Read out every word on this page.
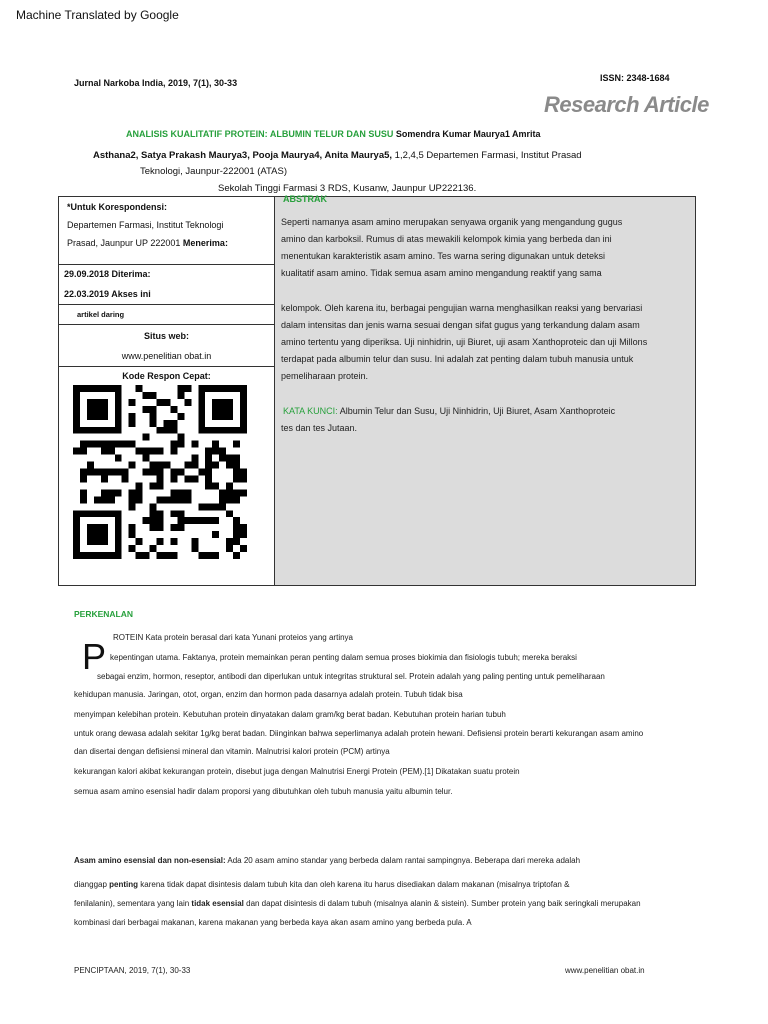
Machine Translated by Google
Jurnal Narkoba India, 2019, 7(1), 30-33	ISSN: 2348-1684
Research Article
ANALISIS KUALITATIF PROTEIN: ALBUMIN TELUR DAN SUSU Somendra Kumar Maurya1 Amrita
Asthana2, Satya Prakash Maurya3, Pooja Maurya4, Anita Maurya5, 1,2,4,5 Departemen Farmasi, Institut Prasad
Teknologi, Jaunpur-222001 (ATAS)
Sekolah Tinggi Farmasi 3 RDS, Kusanw, Jaunpur UP222136.
*Untuk Korespondensi:
Departemen Farmasi, Institut Teknologi
Prasad, Jaunpur UP 222001 Menerima:
29.09.2018 Diterima:
22.03.2019 Akses ini
artikel daring
Situs web:
www.penelitian obat.in
Kode Respon Cepat:
ABSTRAK
Seperti namanya asam amino merupakan senyawa organik yang mengandung gugus
amino dan karboksil. Rumus di atas mewakili kelompok kimia yang berbeda dan ini
menentukan karakteristik asam amino. Tes warna sering digunakan untuk deteksi
kualitatif asam amino. Tidak semua asam amino mengandung reaktif yang sama
kelompok. Oleh karena itu, berbagai pengujian warna menghasilkan reaksi yang bervariasi
dalam intensitas dan jenis warna sesuai dengan sifat gugus yang terkandung dalam asam
amino tertentu yang diperiksa. Uji ninhidrin, uji Biuret, uji asam Xanthoproteic dan uji Millons
terdapat pada albumin telur dan susu. Ini adalah zat penting dalam tubuh manusia untuk
pemeliharaan protein.
KATA KUNCI: Albumin Telur dan Susu, Uji Ninhidrin, Uji Biuret, Asam Xanthoproteic
tes dan tes Jutaan.
PERKENALAN
P ROTEIN Kata protein berasal dari kata Yunani proteios yang artinya
kepentingan utama. Faktanya, protein memainkan peran penting dalam semua proses biokimia dan fisiologis tubuh; mereka beraksi
sebagai enzim, hormon, reseptor, antibodi dan diperlukan untuk integritas struktural sel. Protein adalah yang paling penting untuk pemeliharaan
kehidupan manusia. Jaringan, otot, organ, enzim dan hormon pada dasarnya adalah protein. Tubuh tidak bisa
menyimpan kelebihan protein. Kebutuhan protein dinyatakan dalam gram/kg berat badan. Kebutuhan protein harian tubuh
untuk orang dewasa adalah sekitar 1g/kg berat badan. Diinginkan bahwa seperlimanya adalah protein hewani. Defisiensi protein berarti kekurangan asam amino
dan disertai dengan defisiensi mineral dan vitamin. Malnutrisi kalori protein (PCM) artinya
kekurangan kalori akibat kekurangan protein, disebut juga dengan Malnutrisi Energi Protein (PEM).[1] Dikatakan suatu protein
semua asam amino esensial hadir dalam proporsi yang dibutuhkan oleh tubuh manusia yaitu albumin telur.
Asam amino esensial dan non-esensial: Ada 20 asam amino standar yang berbeda dalam rantai sampingnya. Beberapa dari mereka adalah
dianggap penting karena tidak dapat disintesis dalam tubuh kita dan oleh karena itu harus disediakan dalam makanan (misalnya triptofan &
fenilalanin), sementara yang lain tidak esensial dan dapat disintesis di dalam tubuh (misalnya alanin & sistein). Sumber protein yang baik seringkali merupakan
kombinasi dari berbagai makanan, karena makanan yang berbeda kaya akan asam amino yang berbeda pula. A
PENCIPTAAN, 2019, 7(1), 30-33	www.penelitian obat.in
